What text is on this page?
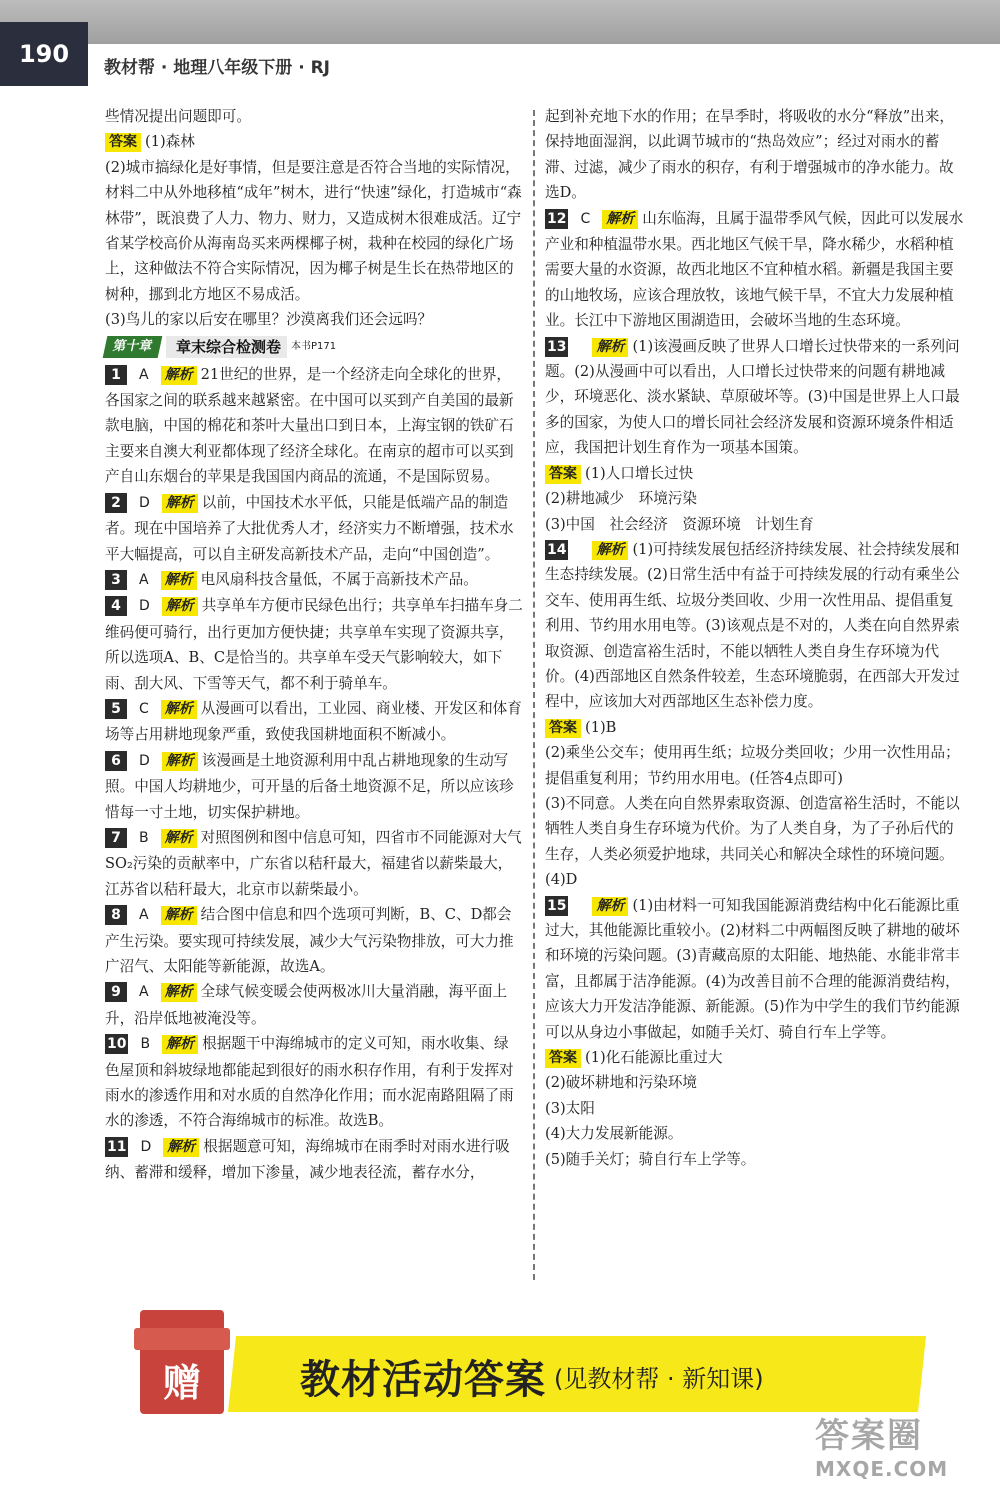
190	教材帮 · 地理八年级下册 · RJ

些情况提出问题即可。

答案 (1)森林

(2)城市搞绿化是好事情，但是要注意是否符合当地的实际情况，材料二中从外地移植“成年”树木，进行“快速”绿化，打造城市“森林带”，既浪费了人力、物力、财力，又造成树木很难成活。辽宁省某学校高价从海南岛买来两棵椰子树，栽种在校园的绿化广场上，这种做法不符合实际情况，因为椰子树是生长在热带地区的树种，挪到北方地区不易成活。

(3)鸟儿的家以后安在哪里？沙漠离我们还会远吗？

第十章	章末综合检测卷	本书P171

1 A 解析 21世纪的世界，是一个经济走向全球化的世界，各国家之间的联系越来越紧密。在中国可以买到产自美国的最新款电脑，中国的棉花和茶叶大量出口到日本，上海宝钢的铁矿石主要来自澳大利亚都体现了经济全球化。在南京的超市可以买到产自山东烟台的苹果是我国国内商品的流通，不是国际贸易。

2 D 解析 以前，中国技术水平低，只能是低端产品的制造者。现在中国培养了大批优秀人才，经济实力不断增强，技术水平大幅提高，可以自主研发高新技术产品，走向“中国创造”。

3 A 解析 电风扇科技含量低，不属于高新技术产品。

4 D 解析 共享单车方便市民绿色出行；共享单车扫描车身二维码便可骑行，出行更加方便快捷；共享单车实现了资源共享，所以选项A、B、C是恰当的。共享单车受天气影响较大，如下雨、刮大风、下雪等天气，都不利于骑单车。

5 C 解析 从漫画可以看出，工业园、商业楼、开发区和体育场等占用耕地现象严重，致使我国耕地面积不断减小。

6 D 解析 该漫画是土地资源利用中乱占耕地现象的生动写照。中国人均耕地少，可开垦的后备土地资源不足，所以应该珍惜每一寸土地，切实保护耕地。

7 B 解析 对照图例和图中信息可知，四省市不同能源对大气SO₂污染的贡献率中，广东省以秸秆最大，福建省以薪柴最大，江苏省以秸秆最大，北京市以薪柴最小。

8 A 解析 结合图中信息和四个选项可判断，B、C、D都会产生污染。要实现可持续发展，减少大气污染物排放，可大力推广沼气、太阳能等新能源，故选A。

9 A 解析 全球气候变暖会使两极冰川大量消融，海平面上升，沿岸低地被淹没等。

10 B 解析 根据题干中海绵城市的定义可知，雨水收集、绿色屋顶和斜坡绿地都能起到很好的雨水积存作用，有利于发挥对雨水的渗透作用和对水质的自然净化作用；而水泥南路阻隔了雨水的渗透，不符合海绵城市的标准。故选B。

11 D 解析 根据题意可知，海绵城市在雨季时对雨水进行吸纳、蓄滞和缓释，增加下渗量，减少地表径流，蓄存水分，

起到补充地下水的作用；在旱季时，将吸收的水分“释放”出来，保持地面湿润，以此调节城市的“热岛效应”；经过对雨水的蓄滞、过滤，减少了雨水的积存，有利于增强城市的净水能力。故选D。

12 C 解析 山东临海，且属于温带季风气候，因此可以发展水产业和种植温带水果。西北地区气候干旱，降水稀少，水稻种植需要大量的水资源，故西北地区不宜种植水稻。新疆是我国主要的山地牧场，应该合理放牧，该地气候干旱，不宜大力发展种植业。长江中下游地区围湖造田，会破坏当地的生态环境。

13 解析 (1)该漫画反映了世界人口增长过快带来的一系列问题。(2)从漫画中可以看出，人口增长过快带来的问题有耕地减少，环境恶化、淡水紧缺、草原破坏等。(3)中国是世界上人口最多的国家，为使人口的增长同社会经济发展和资源环境条件相适应，我国把计划生育作为一项基本国策。

答案 (1)人口增长过快

(2)耕地减少　环境污染

(3)中国　社会经济　资源环境　计划生育

14 解析 (1)可持续发展包括经济持续发展、社会持续发展和生态持续发展。(2)日常生活中有益于可持续发展的行动有乘坐公交车、使用再生纸、垃圾分类回收、少用一次性用品、提倡重复利用、节约用水用电等。(3)该观点是不对的，人类在向自然界索取资源、创造富裕生活时，不能以牺牲人类自身生存环境为代价。(4)西部地区自然条件较差，生态环境脆弱，在西部大开发过程中，应该加大对西部地区生态补偿力度。

答案 (1)B

(2)乘坐公交车；使用再生纸；垃圾分类回收；少用一次性用品；提倡重复利用；节约用水用电。(任答4点即可)

(3)不同意。人类在向自然界索取资源、创造富裕生活时，不能以牺牲人类自身生存环境为代价。为了人类自身，为了子孙后代的生存，人类必须爱护地球，共同关心和解决全球性的环境问题。

(4)D

15 解析 (1)由材料一可知我国能源消费结构中化石能源比重过大，其他能源比重较小。(2)材料二中两幅图反映了耕地的破坏和环境的污染问题。(3)青藏高原的太阳能、地热能、水能非常丰富，且都属于洁净能源。(4)为改善目前不合理的能源消费结构，应该大力开发洁净能源、新能源。(5)作为中学生的我们节约能源可以从身边小事做起，如随手关灯、骑自行车上学等。

答案 (1)化石能源比重过大

(2)破坏耕地和污染环境

(3)太阳

(4)大力发展新能源。

(5)随手关灯；骑自行车上学等。

赠	教材活动答案 (见教材帮 · 新知课)
答案圈
MXQE.COM
